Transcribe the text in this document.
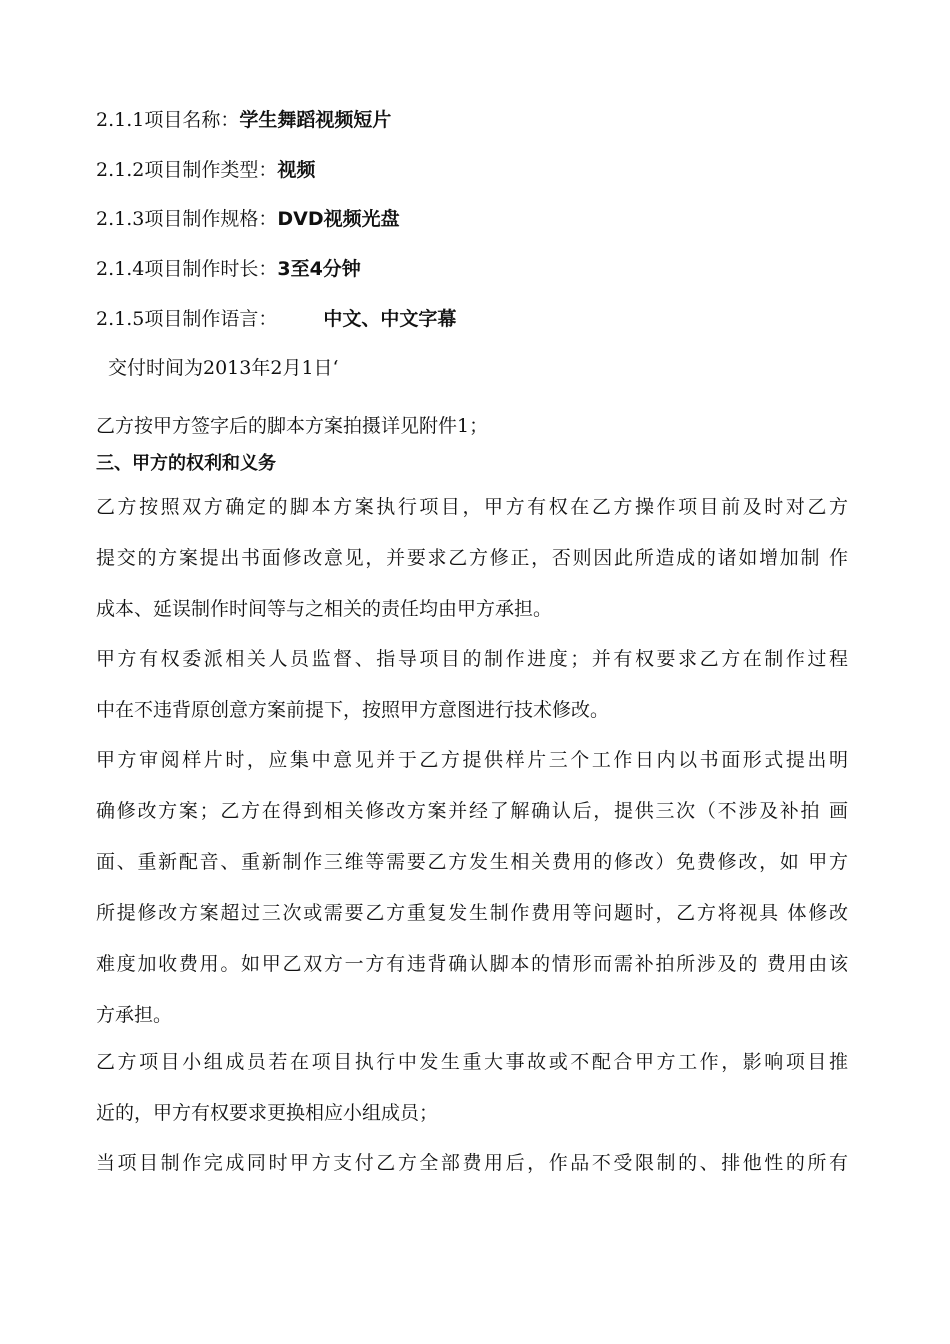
2.1.1项目名称：学生舞蹈视频短片
2.1.2项目制作类型：视频
2.1.3项目制作规格：DVD视频光盘
2.1.4项目制作时长：3至4分钟
2.1.5项目制作语言： 中文、中文字幕
交付时间为2013年2月1日‘
乙方按甲方签字后的脚本方案拍摄详见附件1；
三、甲方的权利和义务
乙方按照双方确定的脚本方案执行项目，甲方有权在乙方操作项目前及时对乙方
提交的方案提出书面修改意见，并要求乙方修正，否则因此所造成的诸如增加制 作
成本、延误制作时间等与之相关的责任均由甲方承担。
甲方有权委派相关人员监督、指导项目的制作进度；并有权要求乙方在制作过程
中在不违背原创意方案前提下，按照甲方意图进行技术修改。
甲方审阅样片时，应集中意见并于乙方提供样片三个工作日内以书面形式提出明
确修改方案；乙方在得到相关修改方案并经了解确认后，提供三次（不涉及补拍 画
面、重新配音、重新制作三维等需要乙方发生相关费用的修改）免费修改，如 甲方
所提修改方案超过三次或需要乙方重复发生制作费用等问题时，乙方将视具 体修改
难度加收费用。如甲乙双方一方有违背确认脚本的情形而需补拍所涉及的 费用由该
方承担。
乙方项目小组成员若在项目执行中发生重大事故或不配合甲方工作，影响项目推
近的，甲方有权要求更换相应小组成员；
当项目制作完成同时甲方支付乙方全部费用后，作品不受限制的、排他性的所有
